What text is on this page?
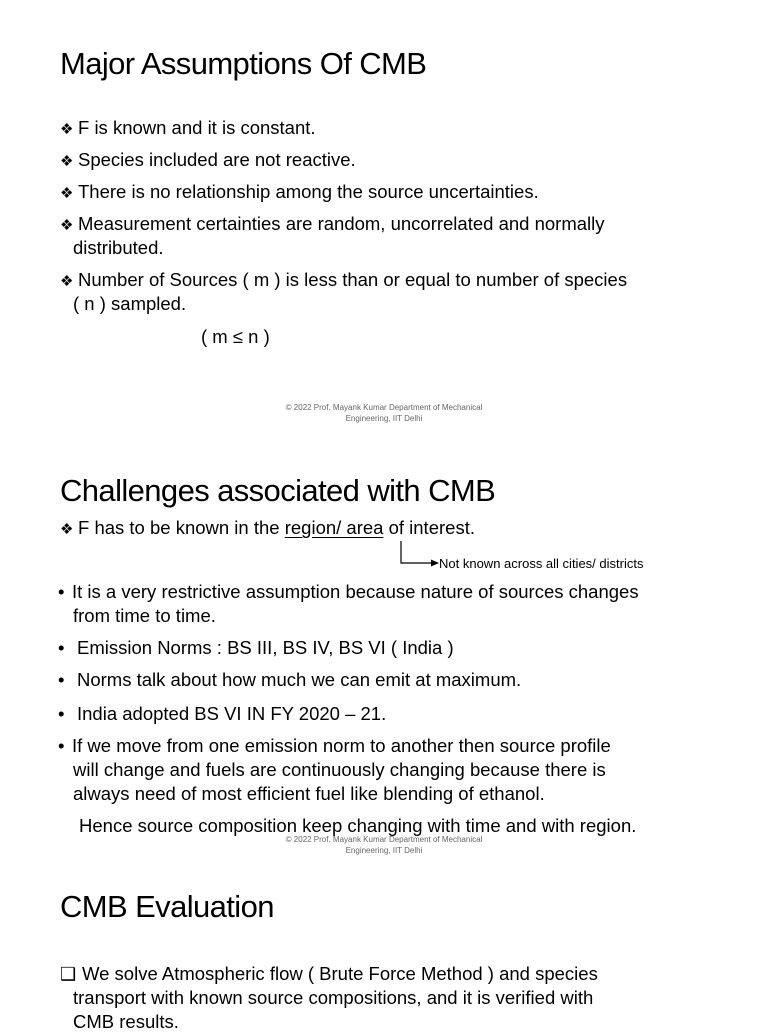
Major Assumptions Of CMB
❖ F is known and it is constant.
❖ Species included are not reactive.
❖ There is no relationship among the source uncertainties.
❖ Measurement certainties are random, uncorrelated and normally
distributed.
❖ Number of Sources ( m ) is less than or equal to number of species
( n ) sampled.
( m ≤ n )
© 2022 Prof. Mayank Kumar Department of Mechanical
Engineering, IIT Delhi
Challenges associated with CMB
❖ F has to be known in the region/ area of interest.
Not known across all cities/ districts
• It is a very restrictive assumption because nature of sources changes
from time to time.
• Emission Norms : BS III, BS IV, BS VI ( India )
• Norms talk about how much we can emit at maximum.
• India adopted BS VI IN FY 2020 – 21.
• If we move from one emission norm to another then source profile
will change and fuels are continuously changing because there is
always need of most efficient fuel like blending of ethanol.
Hence source composition keep changing with time and with region.
© 2022 Prof. Mayank Kumar Department of Mechanical
Engineering, IIT Delhi
CMB Evaluation
❑ We solve Atmospheric flow ( Brute Force Method ) and species
transport with known source compositions, and it is verified with
CMB results.
